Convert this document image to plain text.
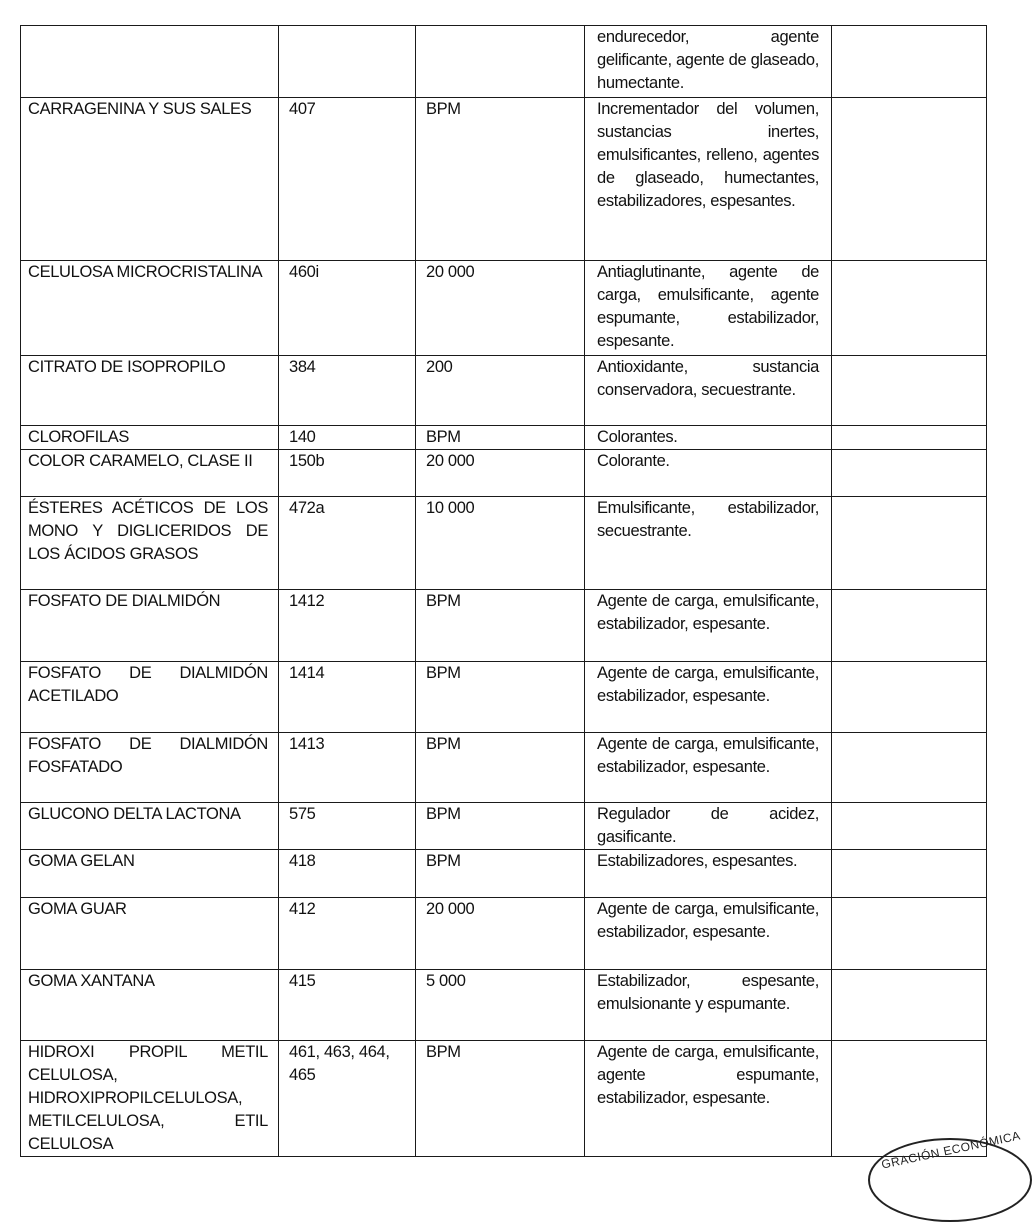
			endurecedor, agente gelificante, agente de glaseado, humectante.	

CARRAGENINA Y SUS SALES	407	BPM	Incrementador del volumen, sustancias inertes, emulsificantes, relleno, agentes de glaseado, humectantes, estabilizadores, espesantes.	

CELULOSA MICROCRISTALINA	460i	20 000	Antiaglutinante, agente de carga, emulsificante, agente espumante, estabilizador, espesante.	

CITRATO DE ISOPROPILO	384	200	Antioxidante, sustancia conservadora, secuestrante.	

CLOROFILAS	140	BPM	Colorantes.	

COLOR CARAMELO, CLASE II	150b	20 000	Colorante.	

ÉSTERES ACÉTICOS DE LOS MONO Y DIGLICERIDOS DE LOS ÁCIDOS GRASOS	472a	10 000	Emulsificante, estabilizador, secuestrante.	

FOSFATO DE DIALMIDÓN	1412	BPM	Agente de carga, emulsificante, estabilizador, espesante.	

FOSFATO DE DIALMIDÓN ACETILADO	1414	BPM	Agente de carga, emulsificante, estabilizador, espesante.	

FOSFATO DE DIALMIDÓN FOSFATADO	1413	BPM	Agente de carga, emulsificante, estabilizador, espesante.	

GLUCONO DELTA LACTONA	575	BPM	Regulador de acidez, gasificante.	

GOMA GELAN	418	BPM	Estabilizadores, espesantes.	

GOMA GUAR	412	20 000	Agente de carga, emulsificante, estabilizador, espesante.	

GOMA XANTANA	415	5 000	Estabilizador, espesante, emulsionante y espumante.	

HIDROXI PROPIL METIL CELULOSA, HIDROXIPROPILCELULOSA, METILCELULOSA, ETIL CELULOSA	461, 463, 464, 465	BPM	Agente de carga, emulsificante, agente espumante, estabilizador, espesante.	

GRACIÓN ECONÓMICA
